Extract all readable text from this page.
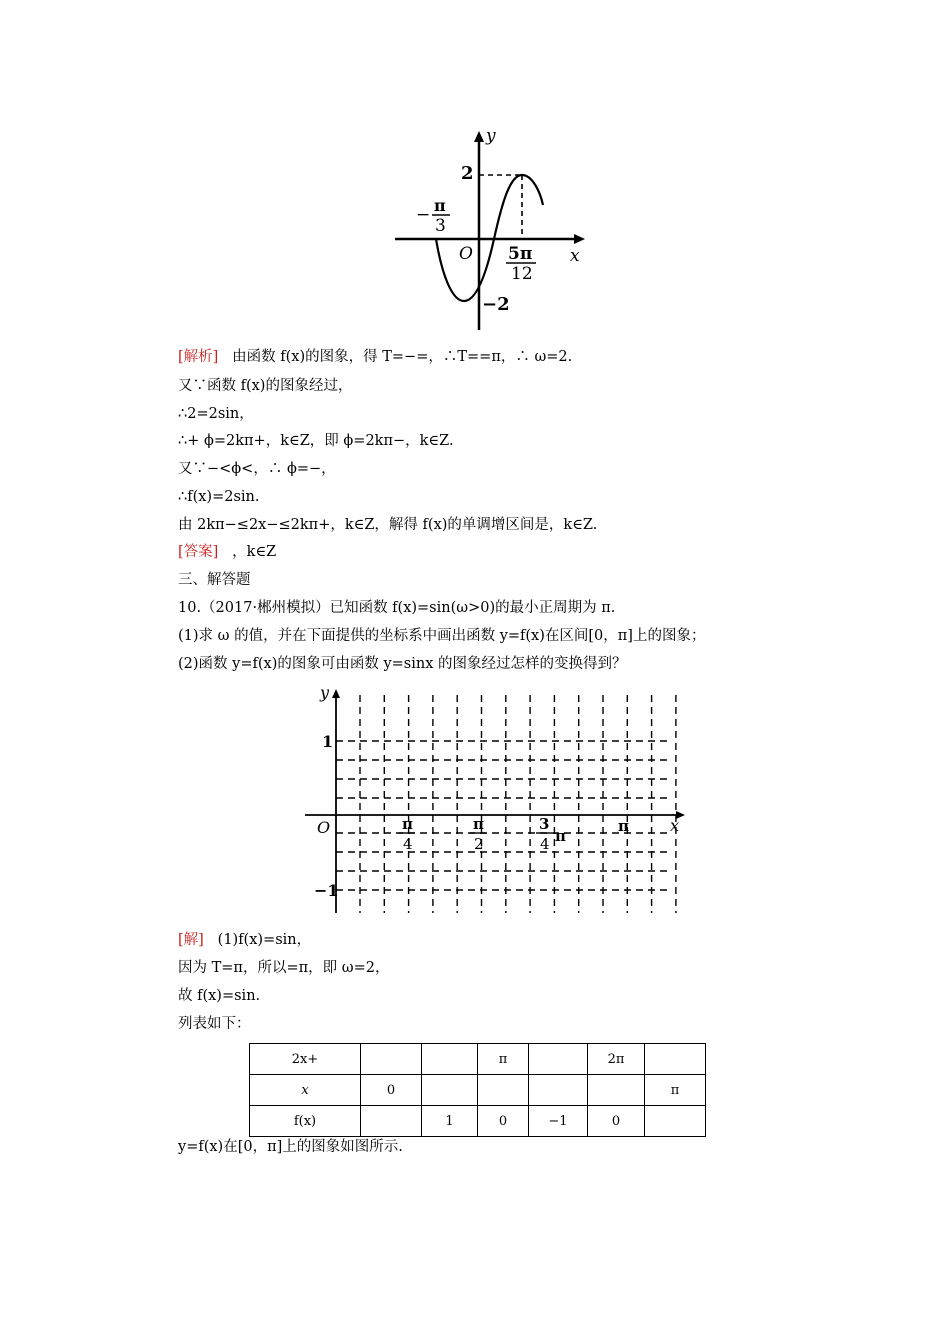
y
x
O
2
−2
− π
3
5π
12
[解析] 由函数 f(x)的图象，得 T=−=，∴T==π，∴ ω=2.
又∵函数 f(x)的图象经过，
∴2=2sin，
∴+ ϕ=2kπ+，k∈Z，即 ϕ=2kπ−，k∈Z.
又∵−<ϕ<，∴ ϕ=−，
∴f(x)=2sin.
由 2kπ−≤2x−≤2kπ+，k∈Z，解得 f(x)的单调增区间是，k∈Z.
[答案] ，k∈Z
三、解答题
10.（2017·郴州模拟）已知函数 f(x)=sin(ω>0)的最小正周期为 π.
(1)求 ω 的值，并在下面提供的坐标系中画出函数 y=f(x)在区间[0，π]上的图象；
(2)函数 y=f(x)的图象可由函数 y=sinx 的图象经过怎样的变换得到？
y
x
O
1
−1
π
4
π
2
3
4 π
π
[解] (1)f(x)=sin，
因为 T=π，所以=π，即 ω=2，
故 f(x)=sin.
列表如下：
2x+			π		2π	
x	0					π
f(x)		1	0	−1	0	
y=f(x)在[0，π]上的图象如图所示.
